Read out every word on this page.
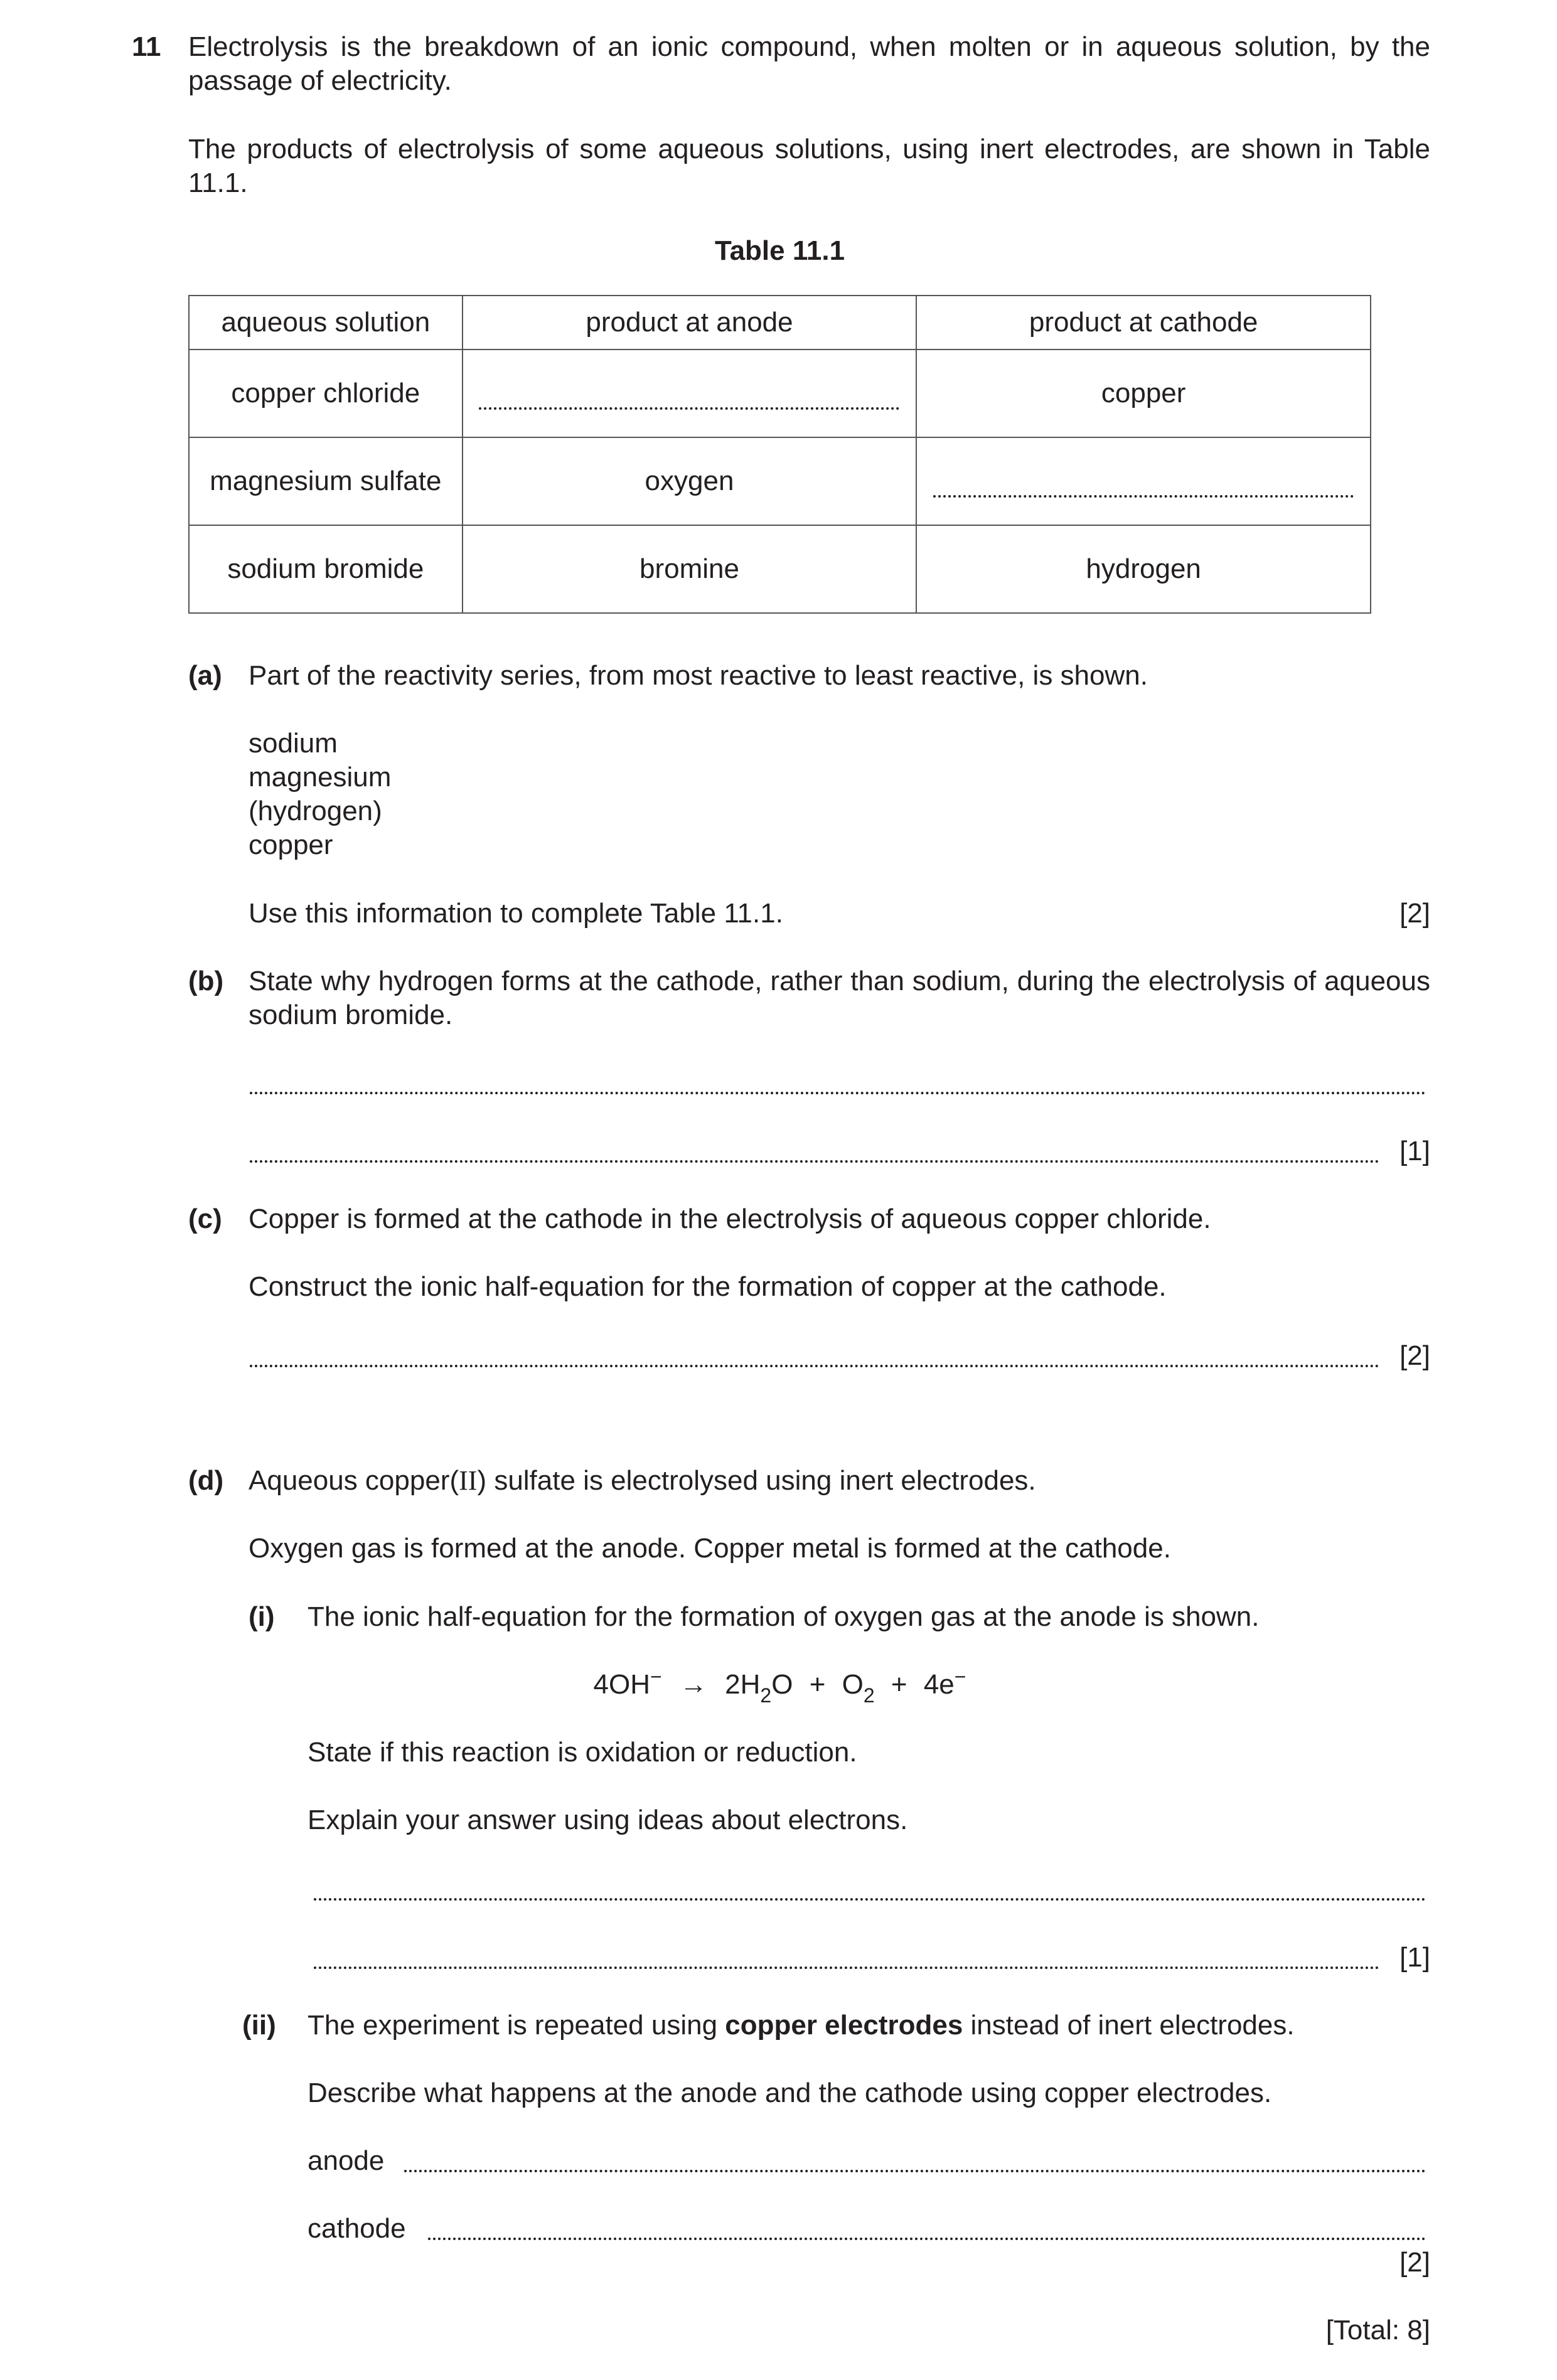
11 Electrolysis is the breakdown of an ionic compound, when molten or in aqueous solution, by the passage of electricity.
The products of electrolysis of some aqueous solutions, using inert electrodes, are shown in Table 11.1.
Table 11.1
aqueous solution	product at anode	product at cathode
copper chloride		copper
magnesium sulfate	oxygen	

sodium bromide	bromine	hydrogen
(a) Part of the reactivity series, from most reactive to least reactive, is shown.
sodium
magnesium
(hydrogen)
copper
Use this information to complete Table 11.1.	[2]
(b) State why hydrogen forms at the cathode, rather than sodium, during the electrolysis of aqueous sodium bromide.
[1]
(c) Copper is formed at the cathode in the electrolysis of aqueous copper chloride.
Construct the ionic half-equation for the formation of copper at the cathode.
[2]
(d) Aqueous copper(II) sulfate is electrolysed using inert electrodes.
Oxygen gas is formed at the anode. Copper metal is formed at the cathode.
(i) The ionic half-equation for the formation of oxygen gas at the anode is shown.
$4OH^- \to 2H_2O + O_2 + 4e^-$
State if this reaction is oxidation or reduction.
Explain your answer using ideas about electrons.
[1]
(ii) The experiment is repeated using copper electrodes instead of inert electrodes.
Describe what happens at the anode and the cathode using copper electrodes.
anode
cathode
[2]
[Total: 8]
